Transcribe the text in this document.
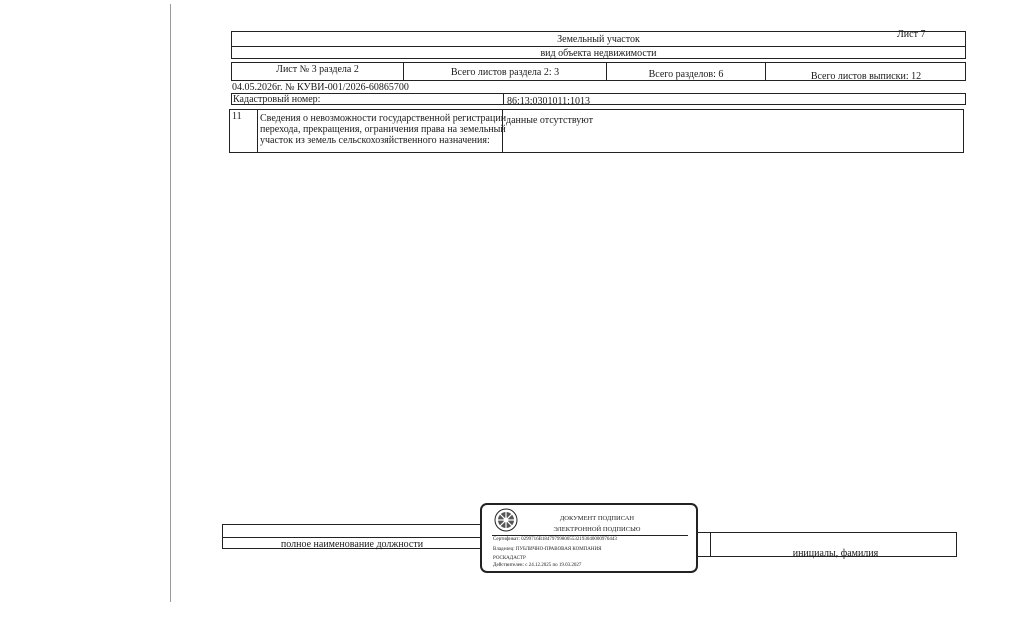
Лист 7
Земельный участок
вид объекта недвижимости
Лист № 3 раздела 2	Всего листов раздела 2: 3	Всего разделов: 6	Всего листов выписки: 12
04.05.2026г. № КУВИ-001/2026-60865700
Кадастровый номер:	86:13:0301011:1013
11 Сведения о невозможности государственной регистрации
перехода, прекращения, ограничения права на земельный
участок из земель сельскохозяйственного назначения:
данные отсутствуют
полное наименование должности
инициалы, фамилия
ДОКУМЕНТ ПОДПИСАН
ЭЛЕКТРОННОЙ ПОДПИСЬЮ
Сертификат: 0299716B184797998005532193040000976443
Владелец: ПУБЛИЧНО-ПРАВОВАЯ КОМПАНИЯ
РОСКАДАСТР
Действителен: с 24.12.2025 по 19.03.2027
